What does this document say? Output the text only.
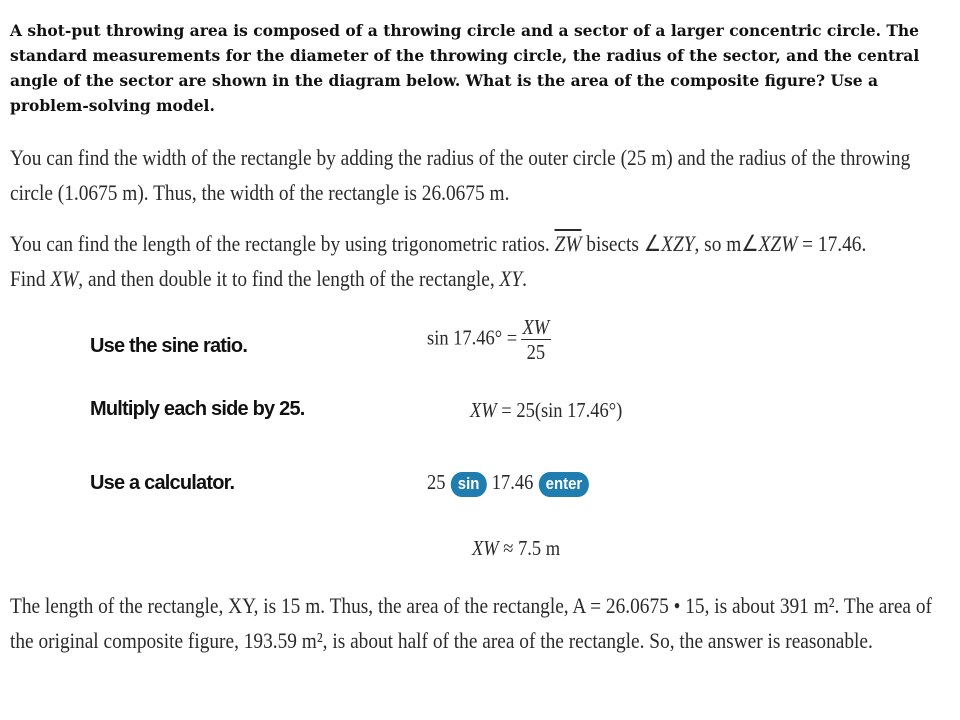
A shot-put throwing area is composed of a throwing circle and a sector of a larger concentric circle. The standard measurements for the diameter of the throwing circle, the radius of the sector, and the central angle of the sector are shown in the diagram below. What is the area of the composite figure? Use a problem-solving model.
You can find the width of the rectangle by adding the radius of the outer circle (25 m) and the radius of the throwing circle (1.0675 m). Thus, the width of the rectangle is 26.0675 m.
You can find the length of the rectangle by using trigonometric ratios. $\overline{ZW}$ bisects ∠XZY, so m∠XZW = 17.46.
Find XW, and then double it to find the length of the rectangle, XY.
Use the sine ratio.
Multiply each side by 25.
Use a calculator.
$\sin 17.46^\circ = \frac{XW}{25}$
XW = 25(sin 17.46°)
25 sin 17.46 enter
XW ≈ 7.5 m
The length of the rectangle, XY, is 15 m. Thus, the area of the rectangle, A = 26.0675 • 15, is about 391 m². The area of the original composite figure, 193.59 m², is about half of the area of the rectangle. So, the answer is reasonable.
